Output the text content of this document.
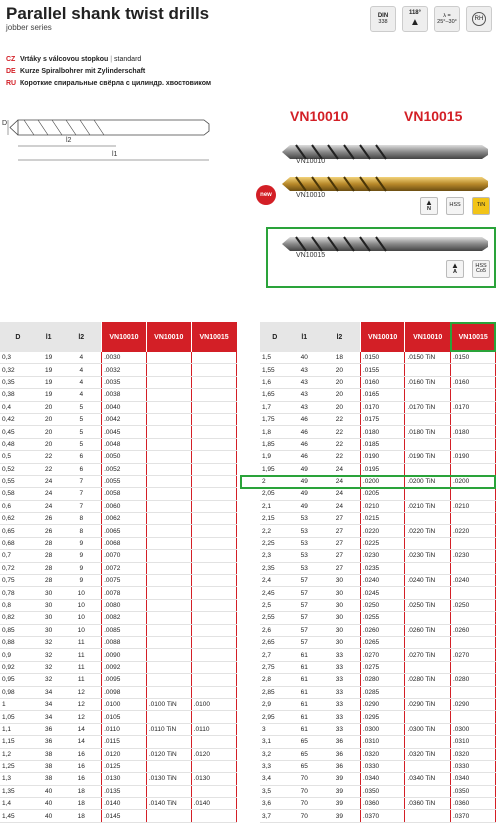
Parallel shank twist drills
jobber series
DIN
338
118°
▲
λ =
25°–30°
RH
CZ Vrtáky s válcovou stopkou | standard
DE Kurze Spiralbohrer mit Zylinderschaft
RU Короткие спиральные свёрла с цилиндр. хвостовиком
D
l2
l1
VN10010	VN10015
VN10010
VN10010
new
▲
N
HSS	TiN
VN10015
▲
A
HSS
Co5
D	l1	l2	VN10010	VN10010	VN10015
0,3	19	4	.0030		
0,32	19	4	.0032		
0,35	19	4	.0035		
0,38	19	4	.0038		
0,4	20	5	.0040		
0,42	20	5	.0042		
0,45	20	5	.0045		
0,48	20	5	.0048		
0,5	22	6	.0050		
0,52	22	6	.0052		
0,55	24	7	.0055		
0,58	24	7	.0058		
0,6	24	7	.0060		
0,62	26	8	.0062		
0,65	26	8	.0065		
0,68	28	9	.0068		
0,7	28	9	.0070		
0,72	28	9	.0072		
0,75	28	9	.0075		
0,78	30	10	.0078		
0,8	30	10	.0080		
0,82	30	10	.0082		
0,85	30	10	.0085		
0,88	32	11	.0088		
0,9	32	11	.0090		
0,92	32	11	.0092		
0,95	32	11	.0095		
0,98	34	12	.0098		
1	34	12	.0100	.0100 TiN	.0100
1,05	34	12	.0105		
1,1	36	14	.0110	.0110 TiN	.0110
1,15	36	14	.0115		
1,2	38	16	.0120	.0120 TiN	.0120
1,25	38	16	.0125		
1,3	38	16	.0130	.0130 TiN	.0130
1,35	40	18	.0135		
1,4	40	18	.0140	.0140 TiN	.0140
1,45	40	18	.0145		
D	l1	l2	VN10010	VN10010	VN10015
1,5	40	18	.0150	.0150 TiN	.0150
1,55	43	20	.0155		
1,6	43	20	.0160	.0160 TiN	.0160
1,65	43	20	.0165		
1,7	43	20	.0170	.0170 TiN	.0170
1,75	46	22	.0175		
1,8	46	22	.0180	.0180 TiN	.0180
1,85	46	22	.0185		
1,9	46	22	.0190	.0190 TiN	.0190
1,95	49	24	.0195		
2	49	24	.0200	.0200 TiN	.0200
2,05	49	24	.0205		
2,1	49	24	.0210	.0210 TiN	.0210
2,15	53	27	.0215		
2,2	53	27	.0220	.0220 TiN	.0220
2,25	53	27	.0225		
2,3	53	27	.0230	.0230 TiN	.0230
2,35	53	27	.0235		
2,4	57	30	.0240	.0240 TiN	.0240
2,45	57	30	.0245		
2,5	57	30	.0250	.0250 TiN	.0250
2,55	57	30	.0255		
2,6	57	30	.0260	.0260 TiN	.0260
2,65	57	30	.0265		
2,7	61	33	.0270	.0270 TiN	.0270
2,75	61	33	.0275		
2,8	61	33	.0280	.0280 TiN	.0280
2,85	61	33	.0285		
2,9	61	33	.0290	.0290 TiN	.0290
2,95	61	33	.0295		
3	61	33	.0300	.0300 TiN	.0300
3,1	65	36	.0310		.0310
3,2	65	36	.0320	.0320 TiN	.0320
3,3	65	36	.0330		.0330
3,4	70	39	.0340	.0340 TiN	.0340
3,5	70	39	.0350		.0350
3,6	70	39	.0360	.0360 TiN	.0360
3,7	70	39	.0370		.0370
